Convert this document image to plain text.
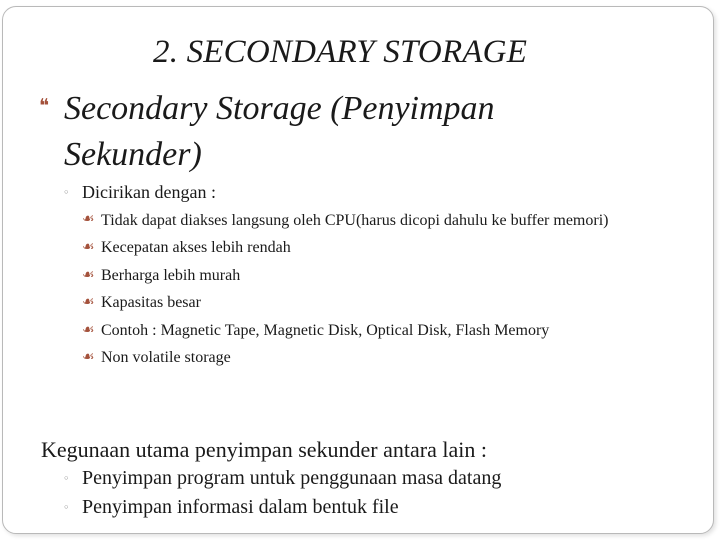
2. SECONDARY STORAGE
❝ Secondary Storage (Penyimpan Sekunder)
◦ Dicirikan dengan :
☙ Tidak dapat diakses langsung oleh CPU(harus dicopi dahulu ke buffer memori)
☙ Kecepatan akses lebih rendah
☙ Berharga lebih murah
☙ Kapasitas besar
☙ Contoh : Magnetic Tape, Magnetic Disk, Optical Disk, Flash Memory
☙ Non volatile storage
Kegunaan utama penyimpan sekunder antara lain :
◦ Penyimpan program untuk penggunaan masa datang
◦ Penyimpan informasi dalam bentuk file
